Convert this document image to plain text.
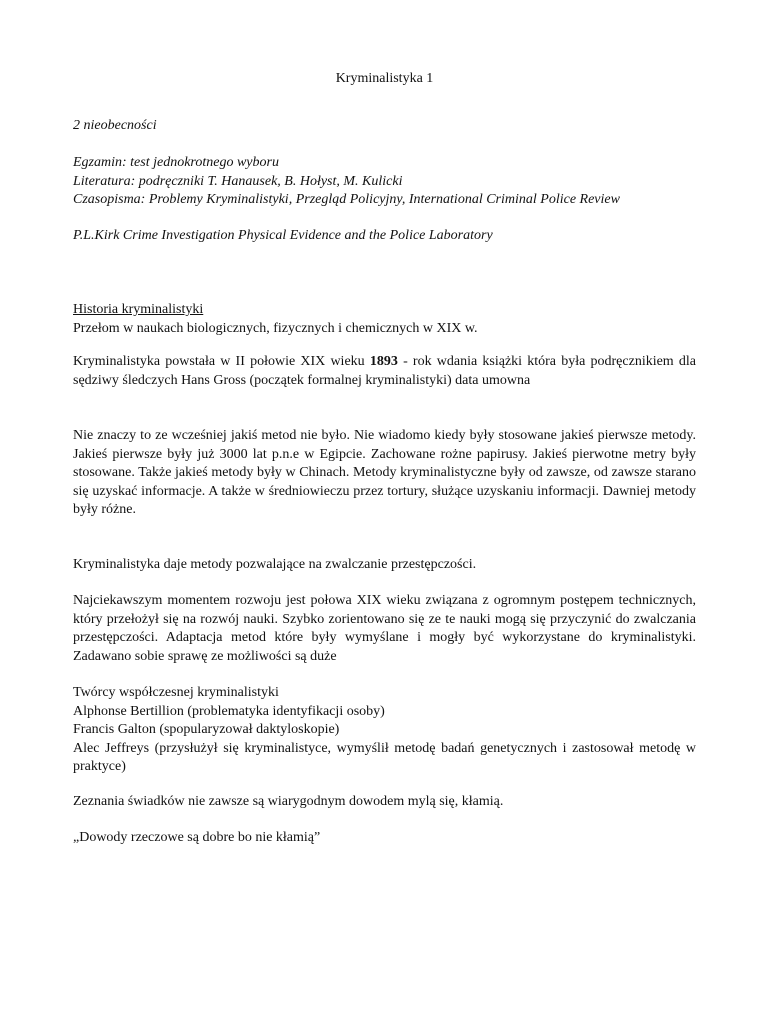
Kryminalistyka 1

2 nieobecności

Egzamin: test jednokrotnego wyboru
Literatura: podręczniki T. Hanausek, B. Hołyst, M. Kulicki
Czasopisma: Problemy Kryminalistyki, Przegląd Policyjny, International Criminal Police Review

P.L.Kirk Crime Investigation Physical Evidence and the Police Laboratory

Historia kryminalistyki
Przełom w naukach biologicznych, fizycznych i chemicznych w XIX w.

Kryminalistyka powstała w II połowie XIX wieku 1893 - rok wdania książki która była podręcznikiem dla sędziwy śledczych Hans Gross (początek formalnej kryminalistyki) data umowna

Nie znaczy to ze wcześniej jakiś metod nie było. Nie wiadomo kiedy były stosowane jakieś pierwsze metody. Jakieś pierwsze były już 3000 lat p.n.e w Egipcie. Zachowane rożne papirusy. Jakieś pierwotne metry były stosowane. Także jakieś metody były w Chinach. Metody kryminalistyczne były od zawsze, od zawsze starano się uzyskać informacje. A także w średniowieczu przez tortury, służące uzyskaniu informacji. Dawniej metody były różne.

Kryminalistyka daje metody pozwalające na zwalczanie przestępczości.

Najciekawszym momentem rozwoju jest połowa XIX wieku związana z ogromnym postępem technicznych, który przełożył się na rozwój nauki. Szybko zorientowano się ze te nauki mogą się przyczynić do zwalczania przestępczości. Adaptacja metod które były wymyślane i mogły być wykorzystane do kryminalistyki. Zadawano sobie sprawę ze możliwości są duże

Twórcy współczesnej kryminalistyki
Alphonse Bertillion (problematyka identyfikacji osoby)
Francis Galton (spopularyzował daktyloskopie)
Alec Jeffreys (przysłużył się kryminalistyce, wymyślił metodę badań genetycznych i zastosował metodę w praktyce)

Zeznania świadków nie zawsze są wiarygodnym dowodem mylą się, kłamią.

„Dowody rzeczowe są dobre bo nie kłamią”
